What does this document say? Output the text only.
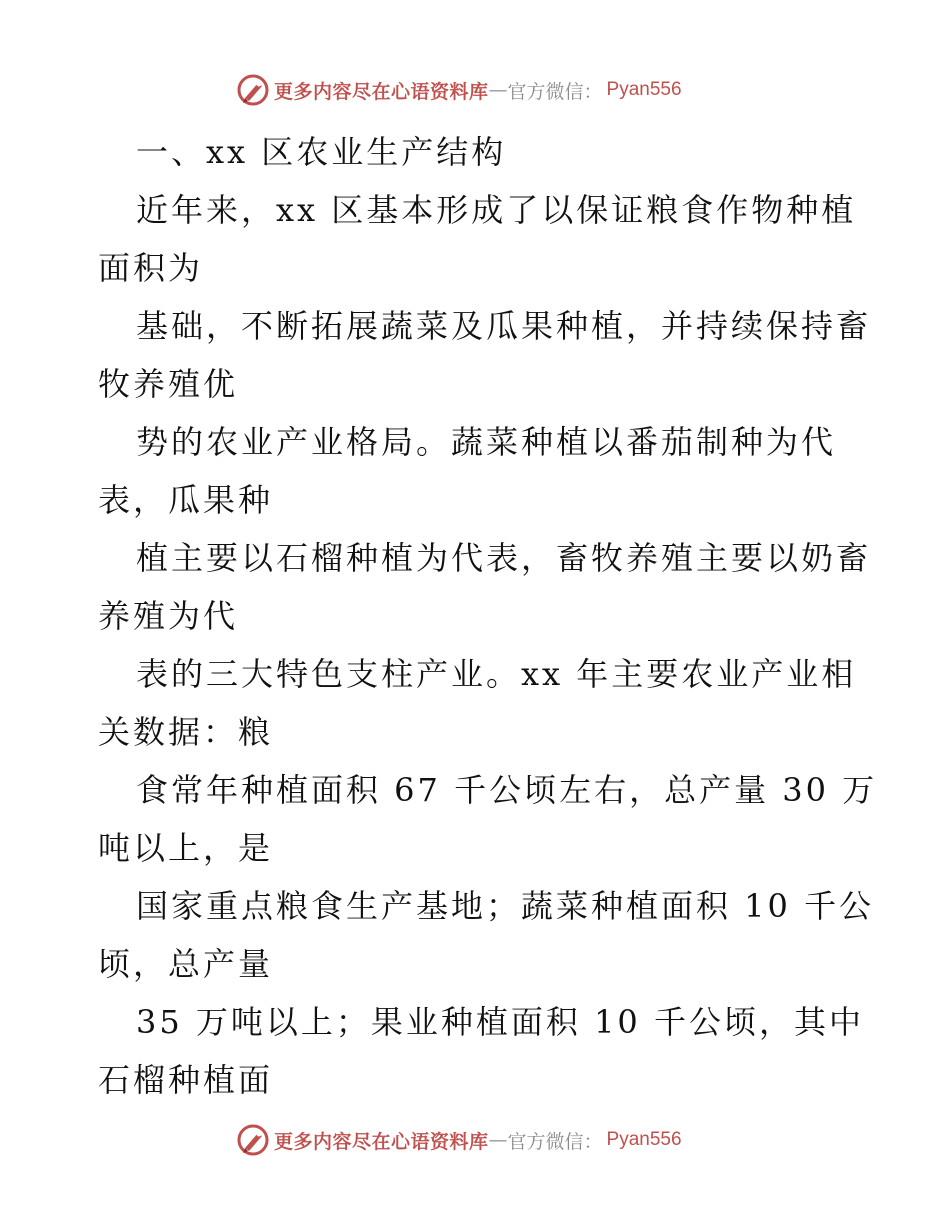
更多内容尽在心语资料库 — 官方微信： Pyan556
一、xx 区农业生产结构
近年来，xx 区基本形成了以保证粮食作物种植
面积为
基础，不断拓展蔬菜及瓜果种植，并持续保持畜
牧养殖优
势的农业产业格局。蔬菜种植以番茄制种为代
表，瓜果种
植主要以石榴种植为代表，畜牧养殖主要以奶畜
养殖为代
表的三大特色支柱产业。xx 年主要农业产业相
关数据：粮
食常年种植面积 67 千公顷左右，总产量 30 万
吨以上，是
国家重点粮食生产基地；蔬菜种植面积 10 千公
顷，总产量
35 万吨以上；果业种植面积 10 千公顷，其中
石榴种植面
更多内容尽在心语资料库 — 官方微信： Pyan556
